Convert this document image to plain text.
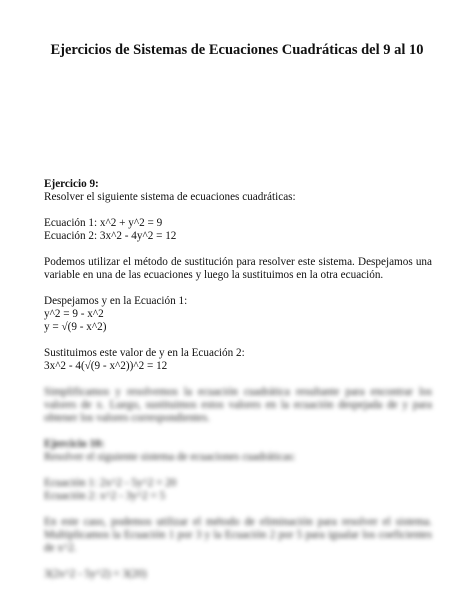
Ejercicios de Sistemas de Ecuaciones Cuadráticas del 9 al 10

Ejercicio 9:
Resolver el siguiente sistema de ecuaciones cuadráticas:

Ecuación 1: x^2 + y^2 = 9
Ecuación 2: 3x^2 - 4y^2 = 12

Podemos utilizar el método de sustitución para resolver este sistema. Despejamos una variable en una de las ecuaciones y luego la sustituimos en la otra ecuación.

Despejamos y en la Ecuación 1:
y^2 = 9 - x^2
y = √(9 - x^2)

Sustituimos este valor de y en la Ecuación 2:
3x^2 - 4(√(9 - x^2))^2 = 12

Simplificamos y resolvemos la ecuación cuadrática resultante para encontrar los valores de x. Luego, sustituimos estos valores en la ecuación despejada de y para obtener los valores correspondientes.

Ejercicio 10:
Resolver el siguiente sistema de ecuaciones cuadráticas:

Ecuación 1: 2x^2 - 5y^2 = 20
Ecuación 2: x^2 - 3y^2 = 5

En este caso, podemos utilizar el método de eliminación para resolver el sistema. Multiplicamos la Ecuación 1 por 3 y la Ecuación 2 por 5 para igualar los coeficientes de x^2.

3(2x^2 - 5y^2) = 3(20)
